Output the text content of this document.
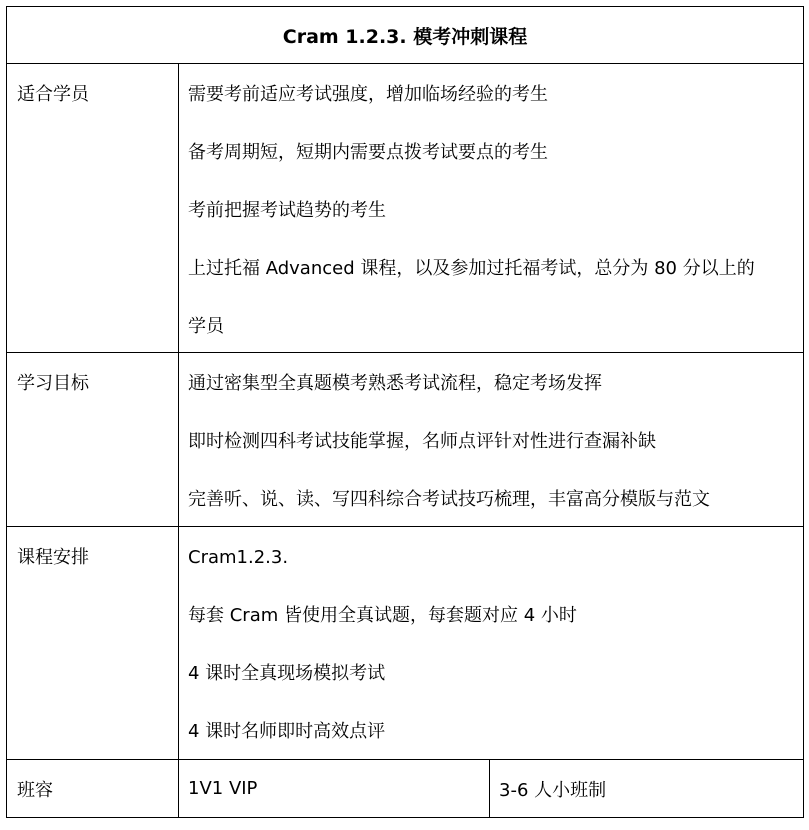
Cram 1.2.3. 模考冲刺课程		
适合学员	需要考前适应考试强度，增加临场经验的考生
备考周期短，短期内需要点拨考试要点的考生
考前把握考试趋势的考生
上过托福 Advanced 课程，以及参加过托福考试，总分为 80 分以上的
学员	

学习目标	通过密集型全真题模考熟悉考试流程，稳定考场发挥
即时检测四科考试技能掌握，名师点评针对性进行查漏补缺
完善听、说、读、写四科综合考试技巧梳理，丰富高分模版与范文	

课程安排	Cram1.2.3.
每套 Cram 皆使用全真试题，每套题对应 4 小时
4 课时全真现场模拟考试
4 课时名师即时高效点评	

班容	1V1 VIP	3-6 人小班制
